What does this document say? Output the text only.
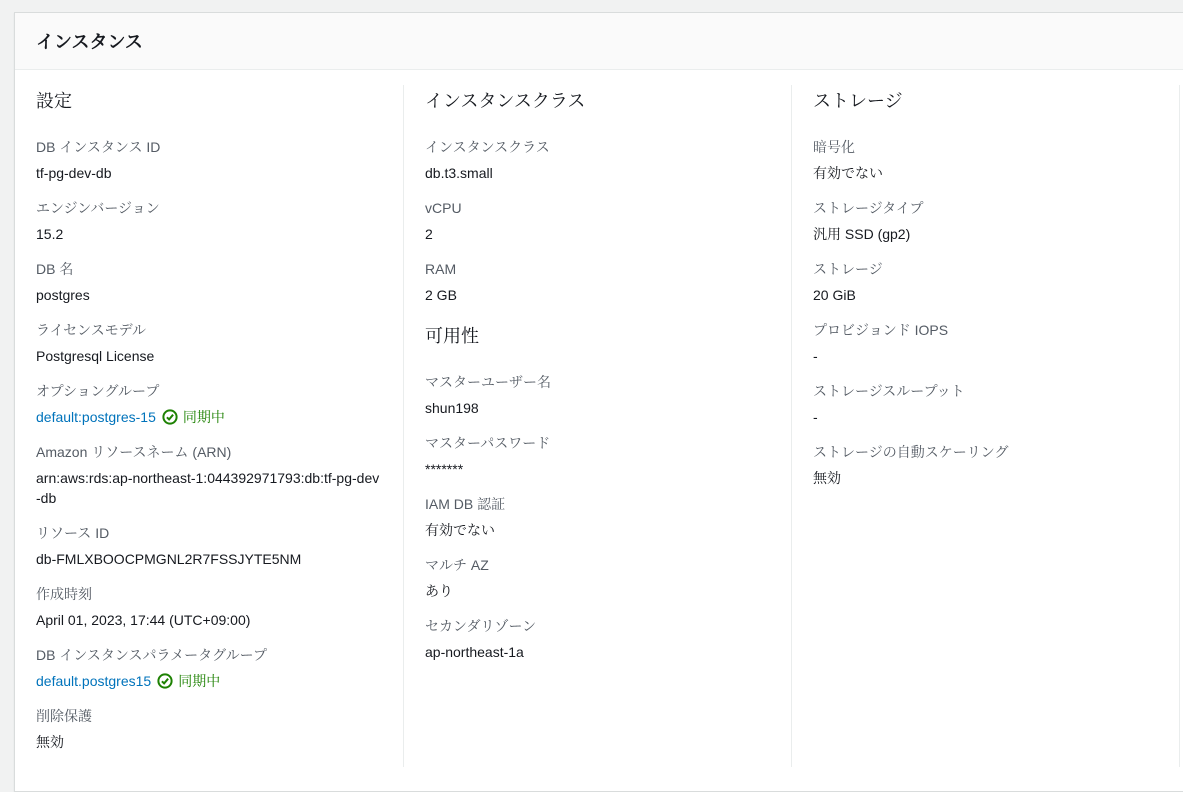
インスタンス
設定
DB インスタンス ID
tf-pg-dev-db
エンジンバージョン
15.2
DB 名
postgres
ライセンスモデル
Postgresql License
オプショングループ
default:postgres-15 同期中
Amazon リソースネーム (ARN)
arn:aws:rds:ap-northeast-1:044392971793:db:tf-pg-dev-db
リソース ID
db-FMLXBOOCPMGNL2R7FSSJYTE5NM
作成時刻
April 01, 2023, 17:44 (UTC+09:00)
DB インスタンスパラメータグループ
default.postgres15 同期中
削除保護
無効
インスタンスクラス
インスタンスクラス
db.t3.small
vCPU
2
RAM
2 GB
可用性
マスターユーザー名
shun198
マスターパスワード
*******
IAM DB 認証
有効でない
マルチ AZ
あり
セカンダリゾーン
ap-northeast-1a
ストレージ
暗号化
有効でない
ストレージタイプ
汎用 SSD (gp2)
ストレージ
20 GiB
プロビジョンド IOPS
-
ストレージスループット
-
ストレージの自動スケーリング
無効
